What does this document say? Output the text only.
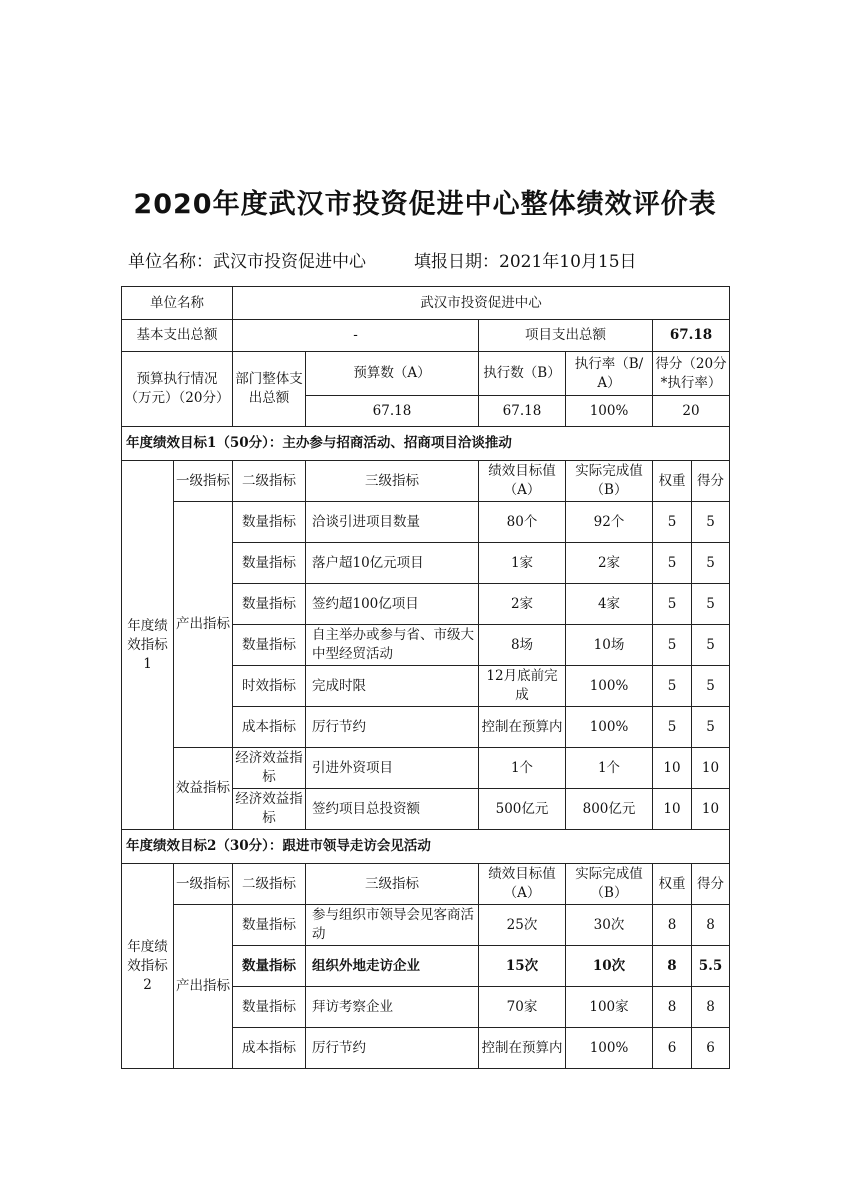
2020年度武汉市投资促进中心整体绩效评价表
单位名称：武汉市投资促进中心	填报日期：2021年10月15日
单位名称		武汉市投资促进中心					
基本支出总额		-		项目支出总额		67.18	
预算执行情况（万元）（20分）		部门整体支出总额	预算数（A）	执行数（B）	执行率（B/A）	得分（20分*执行率）	
			67.18	67.18	100%	20	
年度绩效目标1（50分）：主办参与招商活动、招商项目洽谈推动							
年度绩效指标1	一级指标	二级指标	三级指标	绩效目标值（A）	实际完成值（B）	权重	得分
	产出指标	数量指标	洽谈引进项目数量	80个	92个	5	5
		数量指标	落户超10亿元项目	1家	2家	5	5
		数量指标	签约超100亿项目	2家	4家	5	5
		数量指标	自主举办或参与省、市级大中型经贸活动	8场	10场	5	5
		时效指标	完成时限	12月底前完成	100%	5	5
		成本指标	厉行节约	控制在预算内	100%	5	5
	效益指标	经济效益指标	引进外资项目	1个	1个	10	10
		经济效益指标	签约项目总投资额	500亿元	800亿元	10	10
年度绩效目标2（30分）：跟进市领导走访会见活动							
年度绩效指标2	一级指标	二级指标	三级指标	绩效目标值（A）	实际完成值（B）	权重	得分
	产出指标	数量指标	参与组织市领导会见客商活动	25次	30次	8	8
		数量指标	组织外地走访企业	15次	10次	8	5.5
		数量指标	拜访考察企业	70家	100家	8	8
		成本指标	厉行节约	控制在预算内	100%	6	6
